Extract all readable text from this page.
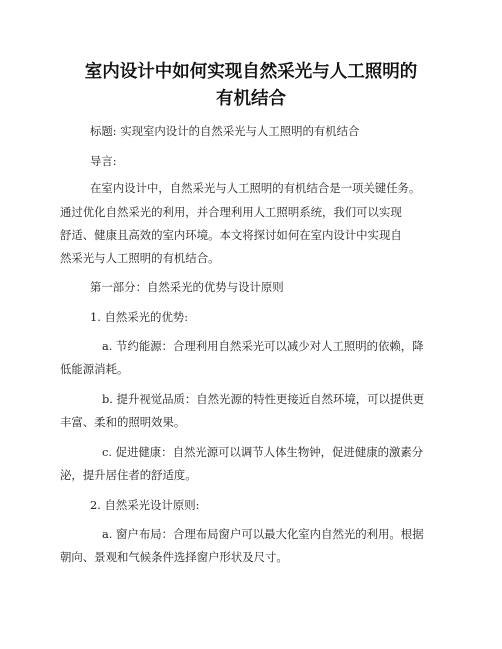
室内设计中如何实现自然采光与人工照明的
有机结合

标题: 实现室内设计的自然采光与人工照明的有机结合

导言:

在室内设计中，自然采光与人工照明的有机结合是一项关键任务。

通过优化自然采光的利用，并合理利用人工照明系统，我们可以实现

舒适、健康且高效的室内环境。本文将探讨如何在室内设计中实现自

然采光与人工照明的有机结合。

第一部分：自然采光的优势与设计原则

1. 自然采光的优势:

a. 节约能源：合理利用自然采光可以减少对人工照明的依赖，降

低能源消耗。

b. 提升视觉品质：自然光源的特性更接近自然环境，可以提供更

丰富、柔和的照明效果。

c. 促进健康：自然光源可以调节人体生物钟，促进健康的激素分

泌，提升居住者的舒适度。

2. 自然采光设计原则:

a. 窗户布局：合理布局窗户可以最大化室内自然光的利用。根据

朝向、景观和气候条件选择窗户形状及尺寸。
